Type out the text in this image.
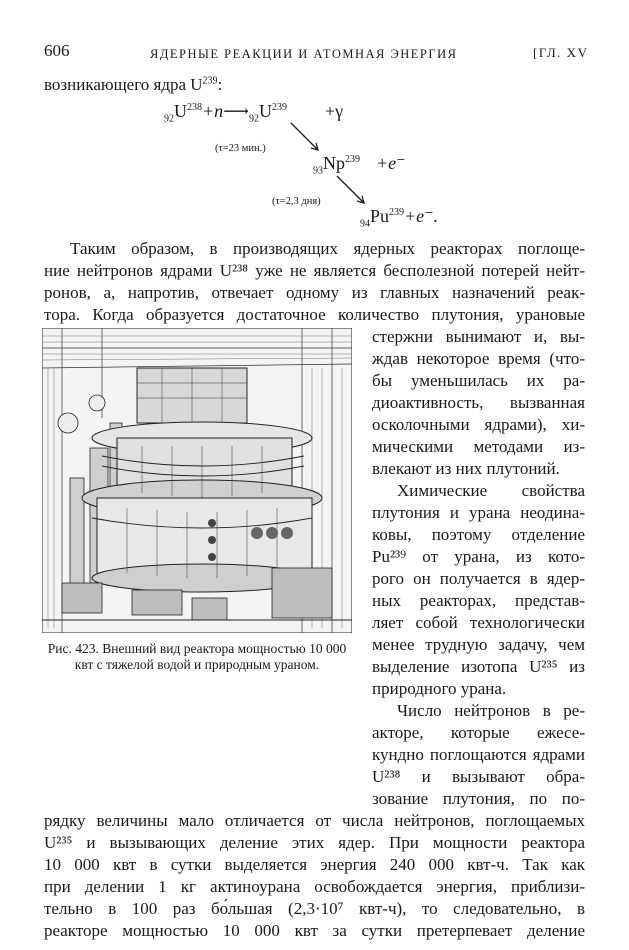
606	ЯДЕРНЫЕ РЕАКЦИИ И АТОМНАЯ ЭНЕРГИЯ	[ГЛ. XV
возникающего ядра $U^{239}$:
$_{92}U^{238}+n⟶_{92}U^{239} +\gamma$
(τ=23 мин.)
$_{93}Np^{239} +e^-$
(τ=2,3 дня)
$_{94}Pu^{239}+e^-$.
Таким образом, в производящих ядерных реакторах поглоще-
ние нейтронов ядрами U²³⁸ уже не является бесполезной потерей нейт-
ронов, а, напротив, отвечает одному из главных назначений реак-
тора. Когда образуется достаточное количество плутония, урановые
стержни вынимают и, вы-
ждав некоторое время (что-
бы уменьшилась их ра-
диоактивность, вызванная
осколочными ядрами), хи-
мическими методами из-
влекают из них плутоний.
Химические свойства
плутония и урана неодина-
ковы, поэтому отделение
Pu²³⁹ от урана, из кото-
рого он получается в ядер-
ных реакторах, представ-
ляет собой технологически
менее трудную задачу, чем
выделение изотопа U²³⁵ из
природного урана.
Число нейтронов в ре-
акторе, которые ежесе-
кундно поглощаются ядрами
U²³⁸ и вызывают обра-
зование плутония, по по-
Рис. 423. Внешний вид реактора мощностью 10 000 квт с тяжелой водой и природным ураном.
рядку величины мало отличается от числа нейтронов, поглощаемых
U²³⁵ и вызывающих деление этих ядер. При мощности реактора
10 000 квт в сутки выделяется энергия 240 000 квт-ч. Так как
при делении 1 кг актиноурана освобождается энергия, приблизи-
тельно в 100 раз бо́льшая (2,3·10⁷ квт-ч), то следовательно, в
реакторе мощностью 10 000 квт за сутки претерпевает деление
